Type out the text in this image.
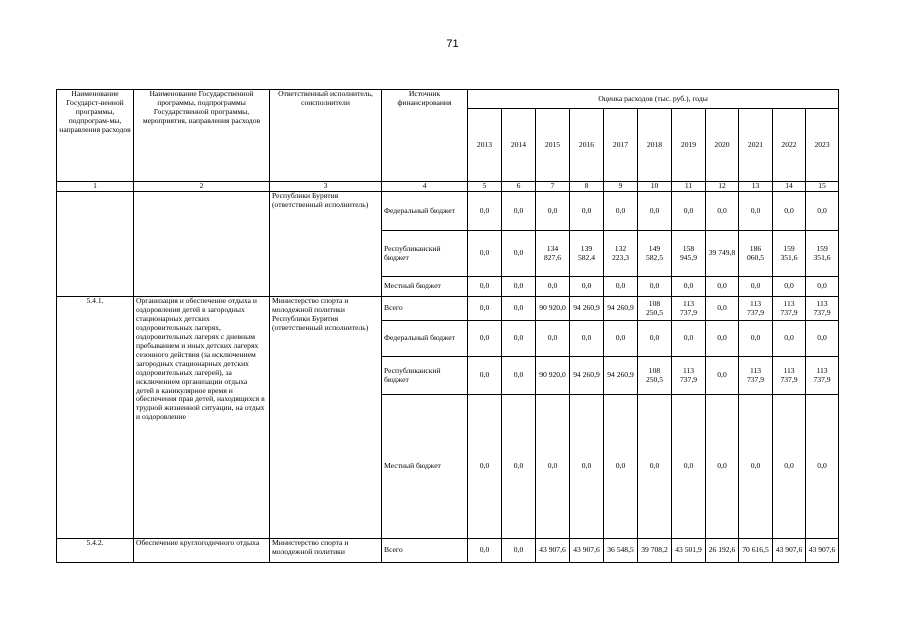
71
Наименование Государст-венной программы, подпрограм-мы, направления расходов	Наименование Государственной программы, подпрограммы Государственной программы, мероприятия, направления расходов	Ответственный исполнитель, соисполнители	Источник финансирования	Оценка расходов (тыс. руб.), годы										
				2013	2014	2015	2016	2017	2018	2019	2020	2021	2022	2023
1	2	3	4	5	6	7	8	9	10	11	12	13	14	15
		Республики Бурятия (ответственный исполнитель)	Федеральный бюджет	0,0	0,0	0,0	0,0	0,0	0,0	0,0	0,0	0,0	0,0	0,0
			Республиканский бюджет	0,0	0,0	134 827,6	139 582,4	132 223,3	149 582,5	158 945,9	39 749,8	186 060,5	159 351,6	159 351,6
			Местный бюджет	0,0	0,0	0,0	0,0	0,0	0,0	0,0	0,0	0,0	0,0	0,0
5.4.1.	Организация и обеспечение отдыха и оздоровления детей в загородных стационарных детских оздоровительных лагерях, оздоровительных лагерях с дневным пребыванием и иных детских лагерях сезонного действия (за исключением загородных стационарных детских оздоровительных лагерей), за исключением организации отдыха детей в каникулярное время и обеспечения прав детей, находящихся в трудной жизненной ситуации, на отдых и оздоровление	Министерство спорта и молодежной политики Республики Бурятия (ответственный исполнитель)	Всего	0,0	0,0	90 920,0	94 260,9	94 260,9	108 250,5	113 737,9	0,0	113 737,9	113 737,9	113 737,9
			Федеральный бюджет	0,0	0,0	0,0	0,0	0,0	0,0	0,0	0,0	0,0	0,0	0,0
			Республиканский бюджет	0,0	0,0	90 920,0	94 260,9	94 260,9	108 250,5	113 737,9	0,0	113 737,9	113 737,9	113 737,9
			Местный бюджет	0,0	0,0	0,0	0,0	0,0	0,0	0,0	0,0	0,0	0,0	0,0
5.4.2.	Обеспечение круглогодичного отдыха	Министерство спорта и молодежной политики	Всего	0,0	0,0	43 907,6	43 907,6	36 548,5	39 708,2	43 501,9	26 192,6	70 616,5	43 907,6	43 907,6
